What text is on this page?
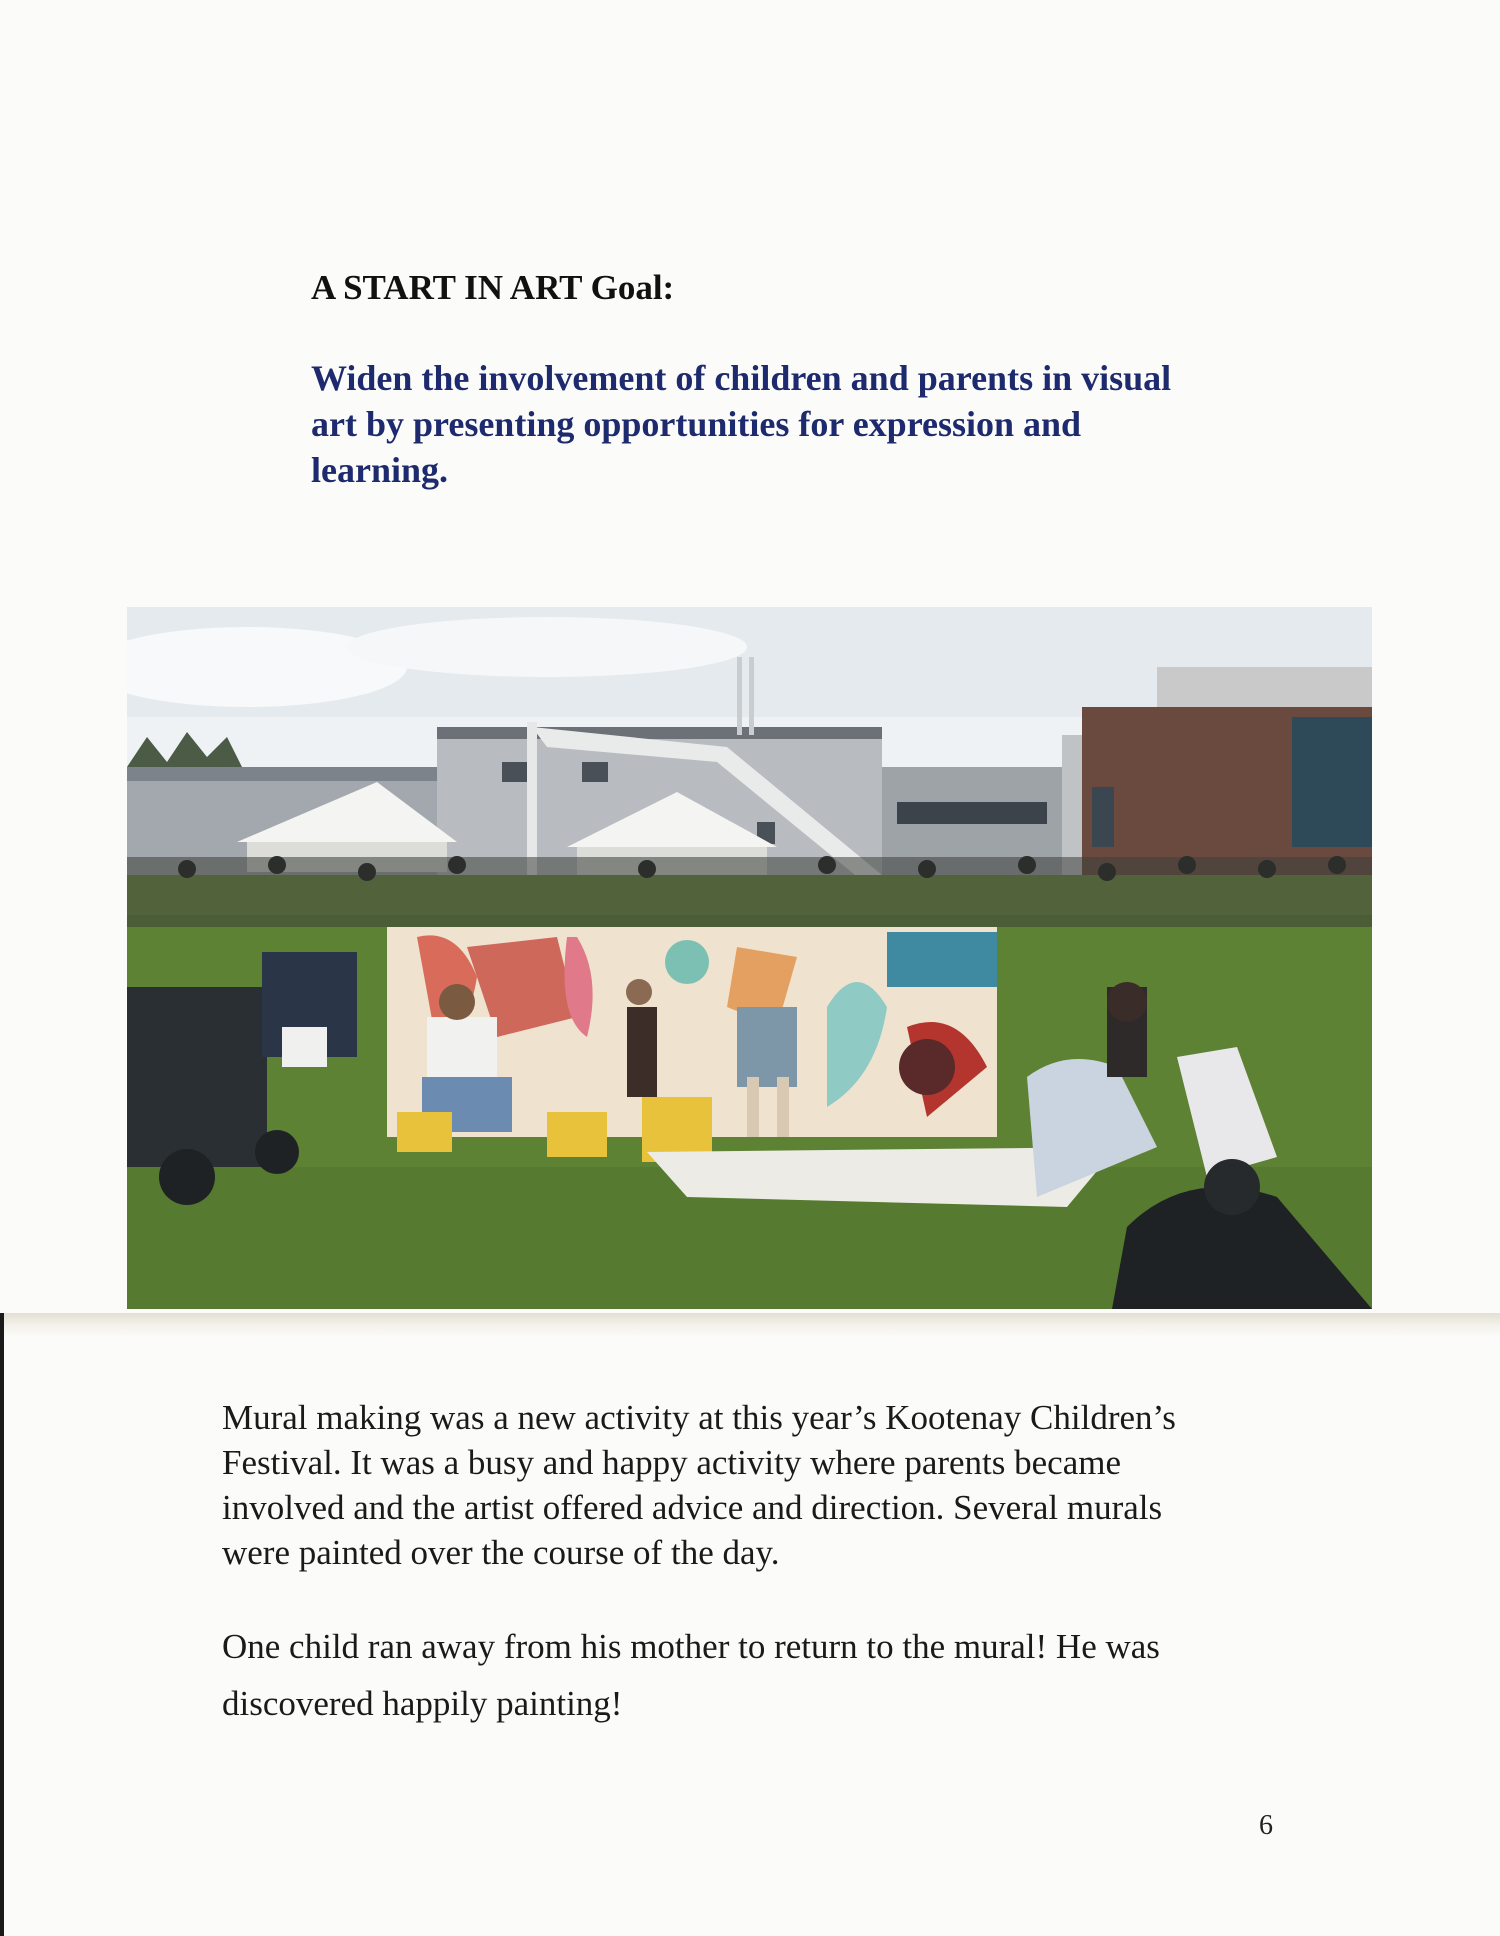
A START IN ART Goal:
Widen the involvement of children and parents in visual
art by presenting opportunities for expression and
learning.

Mural making was a new activity at this year’s Kootenay Children’s
Festival. It was a busy and happy activity where parents became
involved and the artist offered advice and direction. Several murals
were painted over the course of the day.

One child ran away from his mother to return to the mural! He was
discovered happily painting!

6
